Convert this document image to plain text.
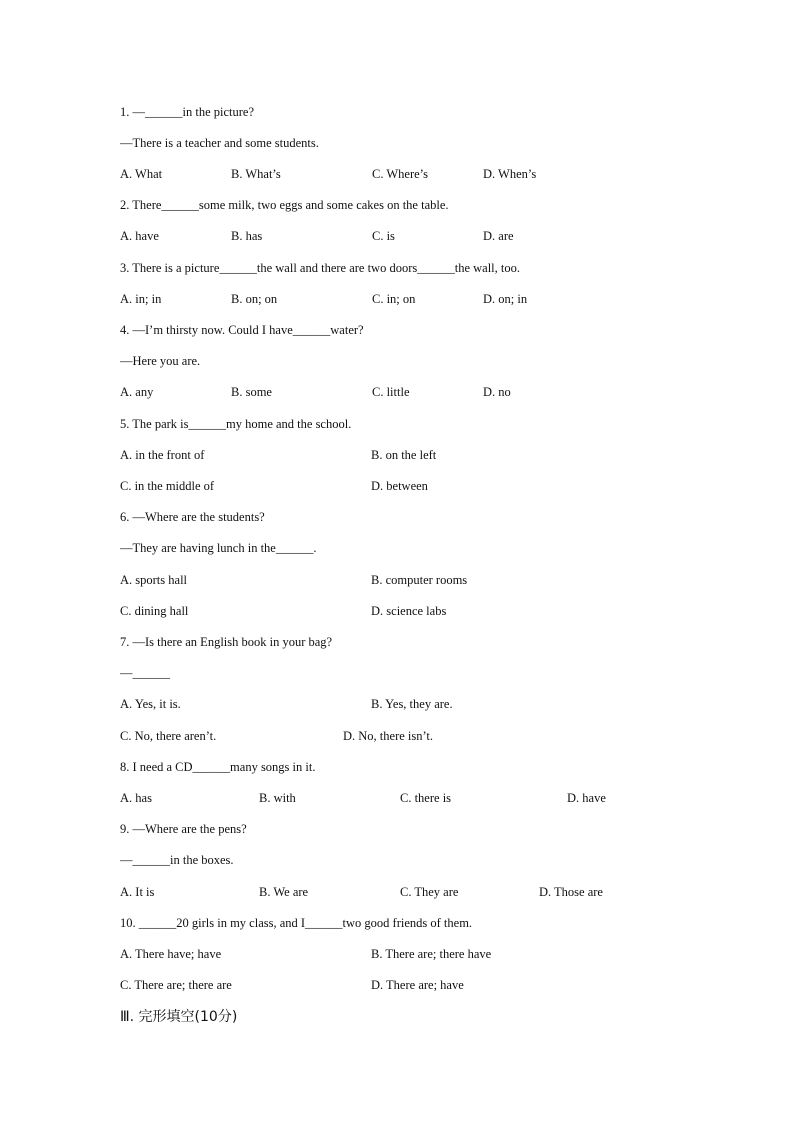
1. —______in the picture?
—There is a teacher and some students.
A. What	B. What’s	C. Where’s	D. When’s
2. There______some milk, two eggs and some cakes on the table.
A. have	B. has	C. is	D. are
3. There is a picture______the wall and there are two doors______the wall, too.
A. in; in	B. on; on	C. in; on	D. on; in
4. —I’m thirsty now. Could I have______water?
—Here you are.
A. any	B. some	C. little	D. no
5. The park is______my home and the school.
A. in the front of	B. on the left
C. in the middle of	D. between
6. —Where are the students?
—They are having lunch in the______.
A. sports hall	B. computer rooms
C. dining hall	D. science labs
7. —Is there an English book in your bag?
—______
A. Yes, it is.	B. Yes, they are.
C. No, there aren’t.	D. No, there isn’t.
8. I need a CD______many songs in it.
A. has	B. with	C. there is	D. have
9. —Where are the pens?
—______in the boxes.
A. It is	B. We are	C. They are	D. Those are
10. ______20 girls in my class, and I______two good friends of them.
A. There have; have	B. There are; there have
C. There are; there are	D. There are; have
Ⅲ. 完形填空(10分)
